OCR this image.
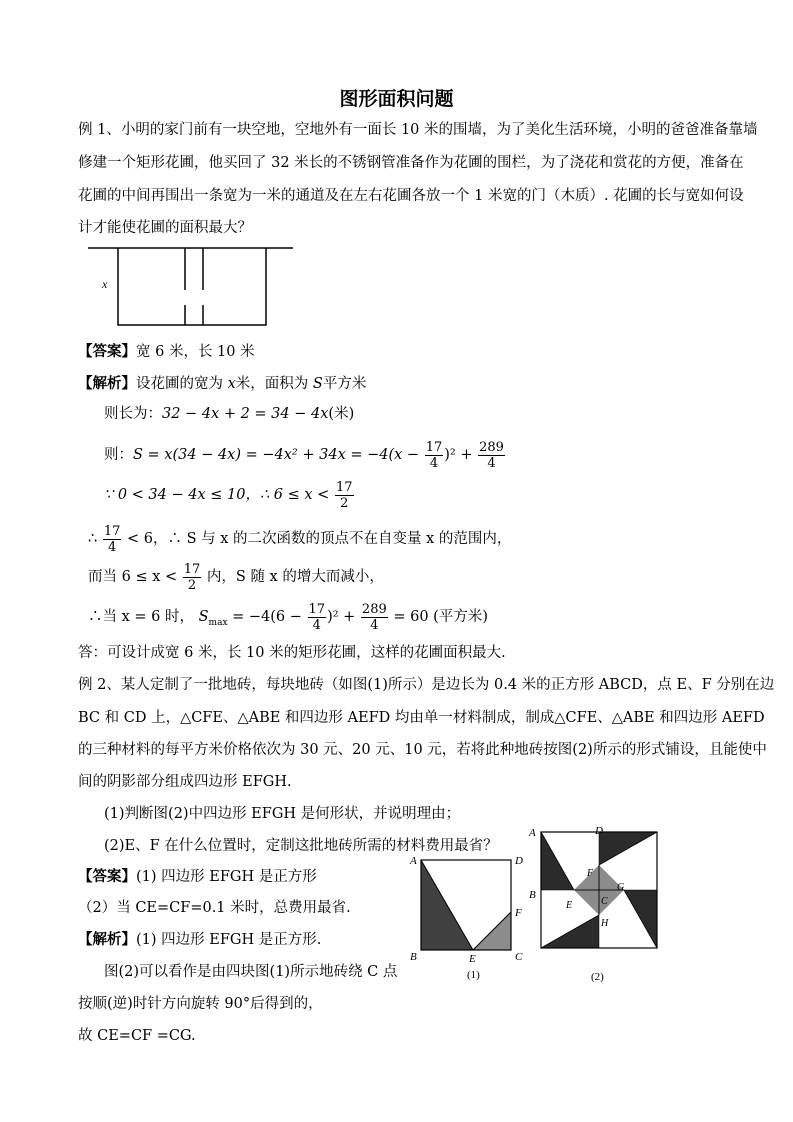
图形面积问题
例 1、小明的家门前有一块空地，空地外有一面长 10 米的围墙，为了美化生活环境，小明的爸爸准备靠墙
修建一个矩形花圃，他买回了 32 米长的不锈钢管准备作为花圃的围栏，为了浇花和赏花的方便，准备在
花圃的中间再围出一条宽为一米的通道及在左右花圃各放一个 1 米宽的门（木质）. 花圃的长与宽如何设
计才能使花圃的面积最大？
x
【答案】宽 6 米，长 10 米
【解析】设花圃的宽为 x米，面积为 S平方米
则长为：32 − 4x + 2 = 34 − 4x(米)
则：$S = x(34 - 4x) = -4x^2 + 34x = -4(x - \frac{17}{4} )^2 + \frac{289}{4}$
∵ 0 < 34 − 4x ≤ 10，∴ $6 \le x < \frac{17}{2}$
∴ $\frac{17}{4} < 6$，∴ S 与 x 的二次函数的顶点不在自变量 x 的范围内，
而当 $6 \le x < \frac{17}{2}$ 内，S 随 x 的增大而减小，
∴当 x = 6 时， $S_{max} = -4(6 - \frac{17}{4} )^2 + \frac{289}{4} = 60$ (平方米)
答：可设计成宽 6 米，长 10 米的矩形花圃，这样的花圃面积最大.
例 2、某人定制了一批地砖，每块地砖（如图(1)所示）是边长为 0.4 米的正方形 ABCD，点 E、F 分别在边
BC 和 CD 上，△CFE、△ABE 和四边形 AEFD 均由单一材料制成，制成△CFE、△ABE 和四边形 AEFD
的三种材料的每平方米价格依次为 30 元、20 元、10 元，若将此种地砖按图(2)所示的形式铺设，且能使中
间的阴影部分组成四边形 EFGH.
(1)判断图(2)中四边形 EFGH 是何形状，并说明理由；
(2)E、F 在什么位置时，定制这批地砖所需的材料费用最省？
【答案】(1) 四边形 EFGH 是正方形
（2）当 CE=CF=0.1 米时，总费用最省.
【解析】(1) 四边形 EFGH 是正方形.
图(2)可以看作是由四块图(1)所示地砖绕 C 点
按顺(逆)时针方向旋转 90°后得到的，
故 CE=CF =CG.
A	D
B	C
E
F
(1)
A	D
B
F
G
E	C
H
(2)
